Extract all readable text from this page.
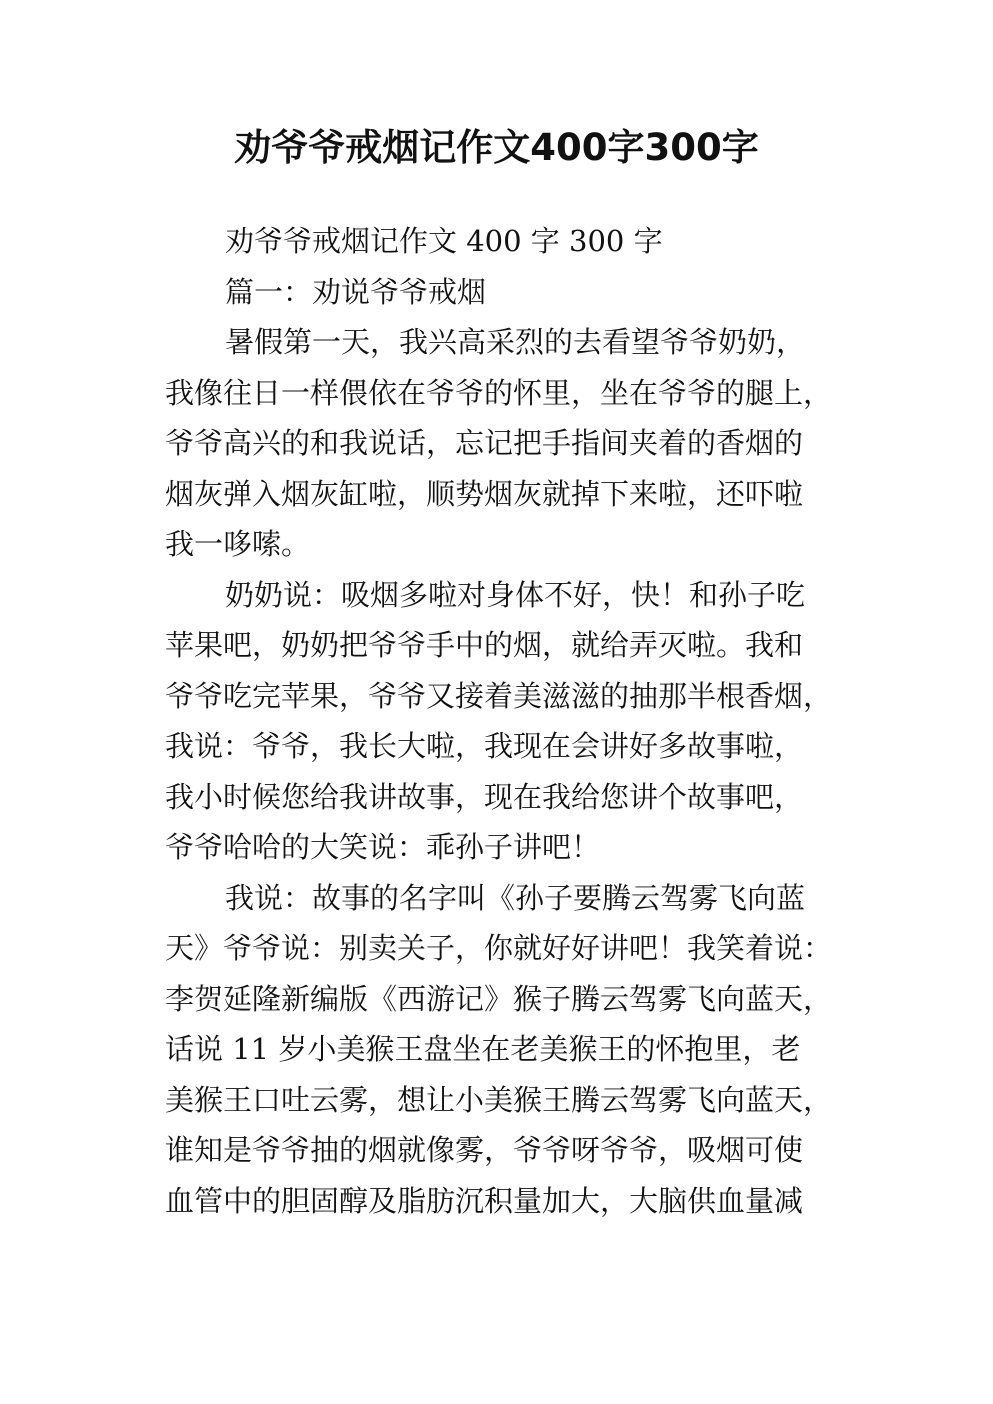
劝爷爷戒烟记作文400字300字
劝爷爷戒烟记作文 400 字 300 字
篇一：劝说爷爷戒烟
暑假第一天，我兴高采烈的去看望爷爷奶奶，
我像往日一样偎依在爷爷的怀里，坐在爷爷的腿上，
爷爷高兴的和我说话，忘记把手指间夹着的香烟的
烟灰弹入烟灰缸啦，顺势烟灰就掉下来啦，还吓啦
我一哆嗦。
奶奶说：吸烟多啦对身体不好，快！和孙子吃
苹果吧，奶奶把爷爷手中的烟，就给弄灭啦。我和
爷爷吃完苹果，爷爷又接着美滋滋的抽那半根香烟，
我说：爷爷，我长大啦，我现在会讲好多故事啦，
我小时候您给我讲故事，现在我给您讲个故事吧，
爷爷哈哈的大笑说：乖孙子讲吧！
我说：故事的名字叫《孙子要腾云驾雾飞向蓝
天》爷爷说：别卖关子，你就好好讲吧！我笑着说：
李贺延隆新编版《西游记》猴子腾云驾雾飞向蓝天，
话说 11 岁小美猴王盘坐在老美猴王的怀抱里，老
美猴王口吐云雾，想让小美猴王腾云驾雾飞向蓝天，
谁知是爷爷抽的烟就像雾，爷爷呀爷爷，吸烟可使
血管中的胆固醇及脂肪沉积量加大，大脑供血量减
